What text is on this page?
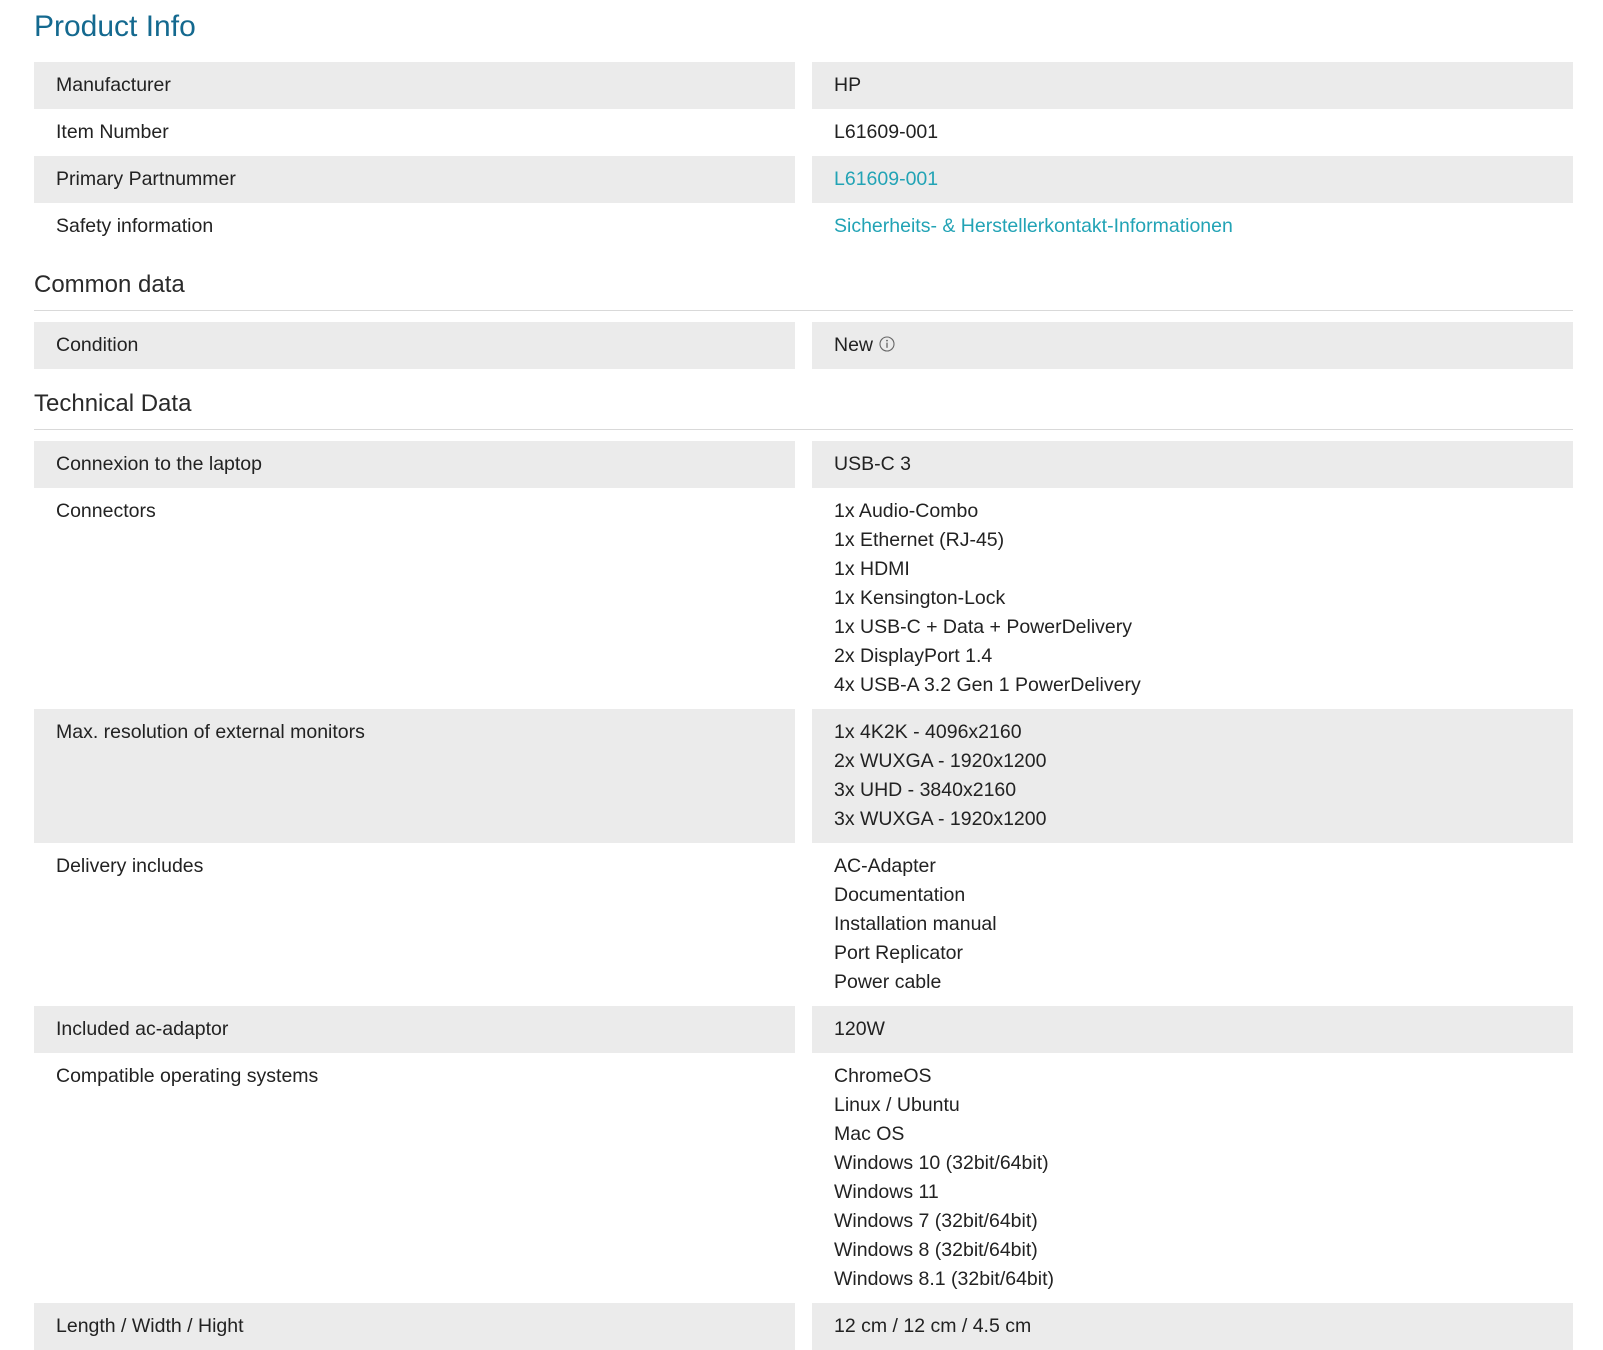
Product Info
Manufacturer	HP
Item Number	L61609-001
Primary Partnummer	L61609-001
Safety information	Sicherheits- & Herstellerkontakt-Informationen
Common data
Condition	New
Technical Data
Connexion to the laptop	USB-C 3
Connectors	1x Audio-Combo
1x Ethernet (RJ-45)
1x HDMI
1x Kensington-Lock
1x USB-C + Data + PowerDelivery
2x DisplayPort 1.4
4x USB-A 3.2 Gen 1 PowerDelivery
Max. resolution of external monitors	1x 4K2K - 4096x2160
2x WUXGA - 1920x1200
3x UHD - 3840x2160
3x WUXGA - 1920x1200
Delivery includes	AC-Adapter
Documentation
Installation manual
Port Replicator
Power cable
Included ac-adaptor	120W
Compatible operating systems	ChromeOS
Linux / Ubuntu
Mac OS
Windows 10 (32bit/64bit)
Windows 11
Windows 7 (32bit/64bit)
Windows 8 (32bit/64bit)
Windows 8.1 (32bit/64bit)
Length / Width / Hight	12 cm / 12 cm / 4.5 cm
